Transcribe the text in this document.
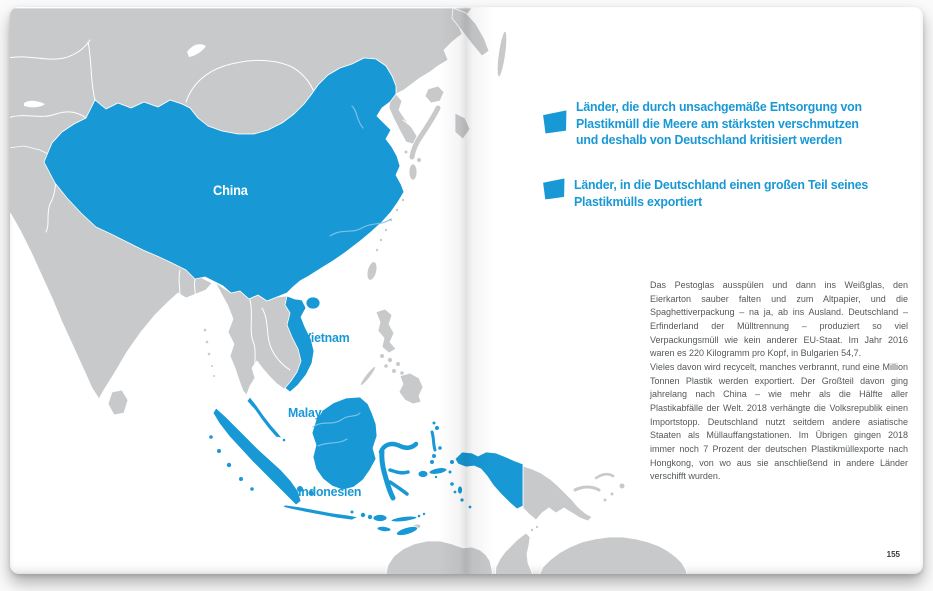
China
Vietnam
Malaysia
Indonesien
Länder, die durch unsachgemäße Entsorgung von Plastikmüll die Meere am stärksten verschmutzen und deshalb von Deutschland kritisiert werden
Länder, in die Deutschland einen großen Teil seines Plastikmülls exportiert

Das Pestoglas ausspülen und dann ins Weißglas, den Eierkarton sauber falten und zum Altpapier, und die Spaghettiverpackung – na ja, ab ins Ausland. Deutschland – Erfinderland der Mülltrennung – produziert so viel Verpackungsmüll wie kein anderer EU-Staat. Im Jahr 2016 waren es 220 Kilogramm pro Kopf, in Bulgarien 54,7.

Vieles davon wird recycelt, manches verbrannt, rund eine Million Tonnen Plastik werden exportiert. Der Großteil davon ging jahrelang nach China – wie mehr als die Hälfte aller Plastikabfälle der Welt. 2018 verhängte die Volksrepublik einen Importstopp. Deutschland nutzt seitdem andere asiatische Staaten als Müllauffangstationen. Im Übrigen gingen 2018 immer noch 7 Prozent der deutschen Plastikmüllexporte nach Hongkong, von wo aus sie anschließend in andere Länder verschifft wurden.

155
